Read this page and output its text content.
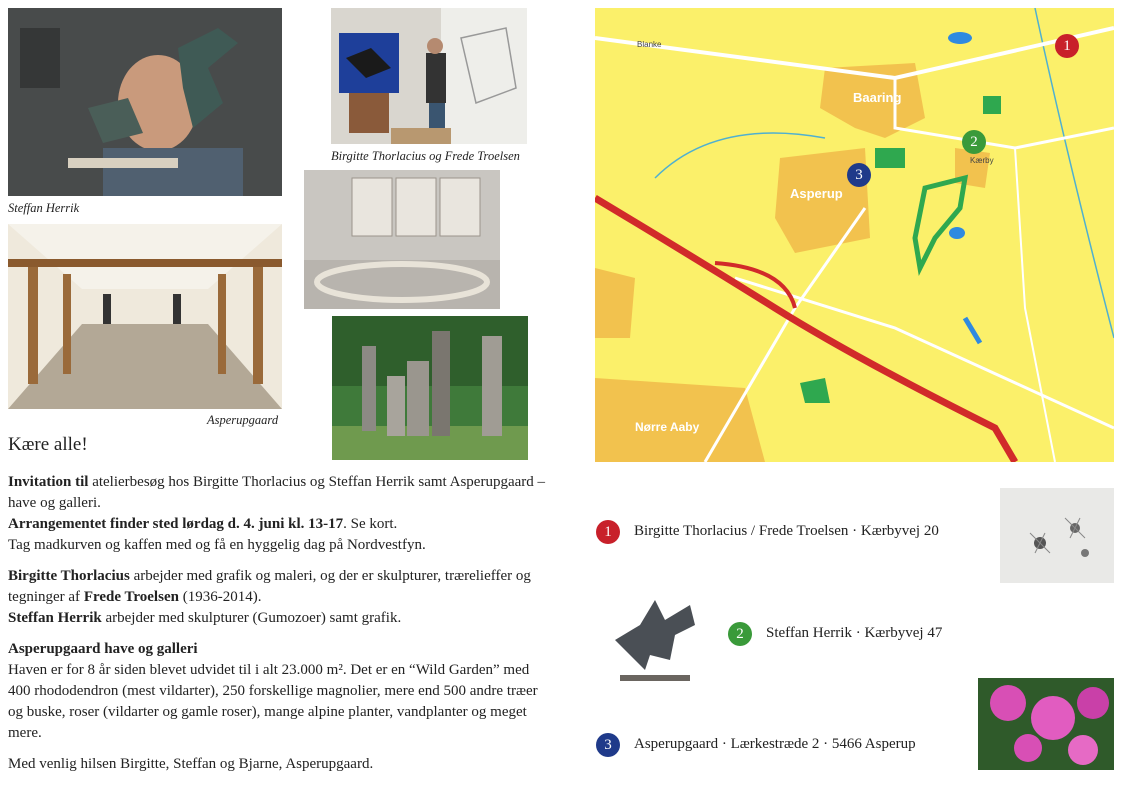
Steffan Herrik
Birgitte Thorlacius og Frede Troelsen
Asperupgaard
Kære alle!

Invitation til atelierbesøg hos Birgitte Thorlacius og Steffan Herrik samt Asperupgaard – have og galleri.
Arrangementet finder sted lørdag d. 4. juni kl. 13-17. Se kort.
Tag madkurven og kaffen med og få en hyggelig dag på Nordvestfyn.

Birgitte Thorlacius arbejder med grafik og maleri, og der er skulpturer, trærelieffer og tegninger af Frede Troelsen (1936-2014).
Steffan Herrik arbejder med skulpturer (Gumozoer) samt grafik.

Asperupgaard have og galleri
Haven er for 8 år siden blevet udvidet til i alt 23.000 m². Det er en “Wild Garden” med 400 rhododendron (mest vildarter), 250 forskellige magnolier, mere end 500 andre træer og buske, roser (vildarter og gamle roser), mange alpine planter, vandplanter og meget mere.

Med venlig hilsen Birgitte, Steffan og Bjarne, Asperupgaard.

Baaring
Asperup
Nørre Aaby
Kærby
Blanke	1
2
3
1	Birgitte Thorlacius / Frede Troelsen · Kærbyvej 20
2	Steffan Herrik · Kærbyvej 47
3	Asperupgaard · Lærkestræde 2 · 5466 Asperup
